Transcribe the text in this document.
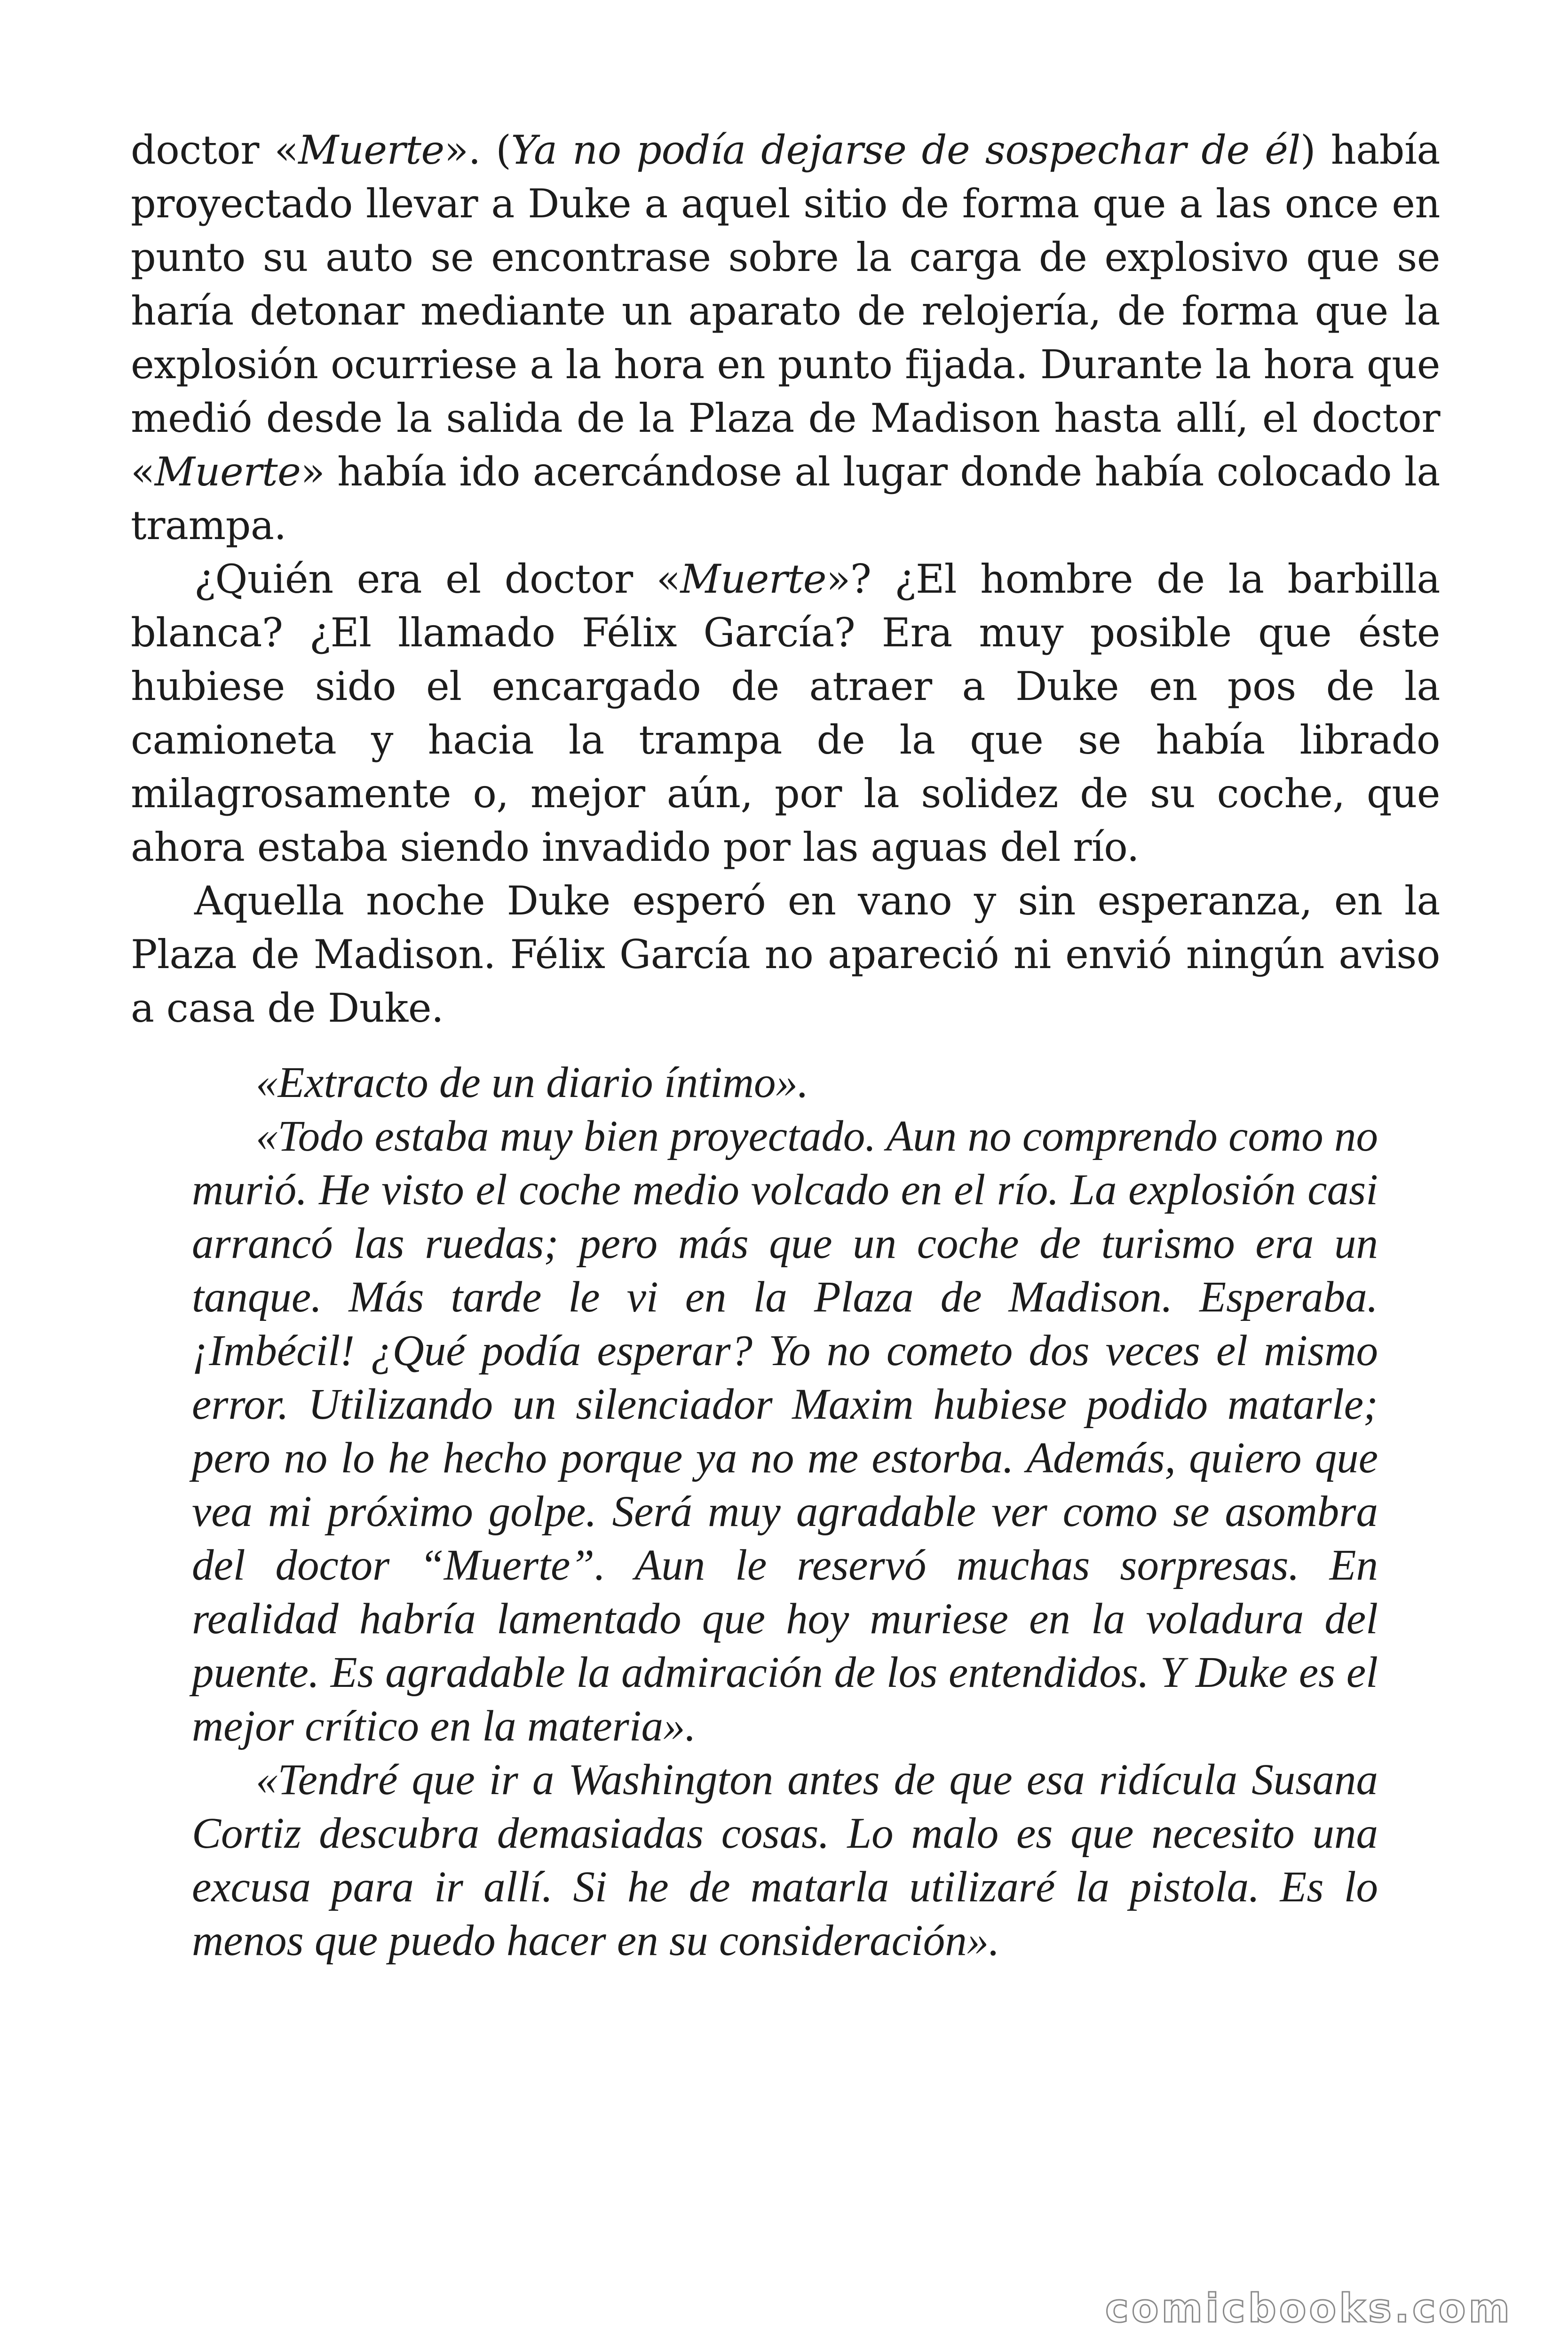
doctor «Muerte». (Ya no podía dejarse de sospechar de él) había proyectado llevar a Duke a aquel sitio de forma que a las once en punto su auto se encontrase sobre la carga de explosivo que se haría detonar mediante un aparato de relojería, de forma que la explosión ocurriese a la hora en punto fijada. Durante la hora que medió desde la salida de la Plaza de Madison hasta allí, el doctor «Muerte» había ido acercándose al lugar donde había colocado la trampa.

¿Quién era el doctor «Muerte»? ¿El hombre de la barbilla blanca? ¿El llamado Félix García? Era muy posible que éste hubiese sido el encargado de atraer a Duke en pos de la camioneta y hacia la trampa de la que se había librado milagrosamente o, mejor aún, por la solidez de su coche, que ahora estaba siendo invadido por las aguas del río.

Aquella noche Duke esperó en vano y sin esperanza, en la Plaza de Madison. Félix García no apareció ni envió ningún aviso a casa de Duke.

«Extracto de un diario íntimo».

«Todo estaba muy bien proyectado. Aun no comprendo como no murió. He visto el coche medio volcado en el río. La explosión casi arrancó las ruedas; pero más que un coche de turismo era un tanque. Más tarde le vi en la Plaza de Madison. Esperaba. ¡Imbécil! ¿Qué podía esperar? Yo no cometo dos veces el mismo error. Utilizando un silenciador Maxim hubiese podido matarle; pero no lo he hecho porque ya no me estorba. Además, quiero que vea mi próximo golpe. Será muy agradable ver como se asombra del doctor “Muerte”. Aun le reservó muchas sorpresas. En realidad habría lamentado que hoy muriese en la voladura del puente. Es agradable la admiración de los entendidos. Y Duke es el mejor crítico en la materia».

«Tendré que ir a Washington antes de que esa ridícula Susana Cortiz descubra demasiadas cosas. Lo malo es que necesito una excusa para ir allí. Si he de matarla utilizaré la pistola. Es lo menos que puedo hacer en su consideración».

comicbooks.com
